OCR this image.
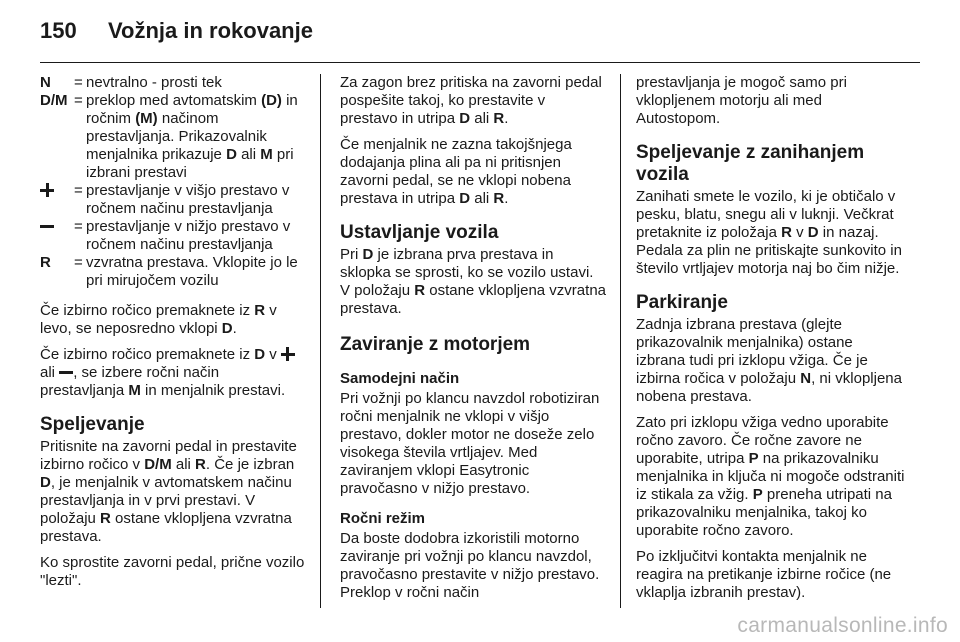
150 Vožnja in rokovanje
N	= nevtralno - prosti tek
D/M = preklop med avtomatskim (D) in ročnim (M) načinom prestavljanja. Prikazovalnik menjalnika prikazuje D ali M pri izbrani prestavi
= prestavljanje v višjo prestavo v ročnem načinu prestavljanja
= prestavljanje v nižjo prestavo v ročnem načinu prestavljanja
R	= vzvratna prestava. Vklopite jo le pri mirujočem vozilu

Če izbirno ročico premaknete iz R v levo, se neposredno vklopi D.

Če izbirno ročico premaknete iz D v  ali , se izbere ročni način prestavljanja M in menjalnik prestavi.

Speljevanje

Pritisnite na zavorni pedal in prestavite izbirno ročico v D/M ali R. Če je izbran D, je menjalnik v avtomatskem načinu prestavljanja in v prvi prestavi. V položaju R ostane vklopljena vzvratna prestava.

Ko sprostite zavorni pedal, prične vozilo "lezti".

Za zagon brez pritiska na zavorni pedal pospešite takoj, ko prestavite v prestavo in utripa D ali R.

Če menjalnik ne zazna takojšnjega dodajanja plina ali pa ni pritisnjen zavorni pedal, se ne vklopi nobena prestava in utripa D ali R.

Ustavljanje vozila

Pri D je izbrana prva prestava in sklopka se sprosti, ko se vozilo ustavi. V položaju R ostane vklopljena vzvratna prestava.

Zaviranje z motorjem
Samodejni način

Pri vožnji po klancu navzdol robotiziran ročni menjalnik ne vklopi v višjo prestavo, dokler motor ne doseže zelo visokega števila vrtljajev. Med zaviranjem vklopi Easytronic pravočasno v nižjo prestavo.

Ročni režim

Da boste dodobra izkoristili motorno zaviranje pri vožnji po klancu navzdol, pravočasno prestavite v nižjo prestavo. Preklop v ročni način

prestavljanja je mogoč samo pri vklopljenem motorju ali med Autostopom.

Speljevanje z zanihanjem vozila

Zanihati smete le vozilo, ki je obtičalo v pesku, blatu, snegu ali v luknji. Večkrat pretaknite iz položaja R v D in nazaj. Pedala za plin ne pritiskajte sunkovito in število vrtljajev motorja naj bo čim nižje.

Parkiranje

Zadnja izbrana prestava (glejte prikazovalnik menjalnika) ostane izbrana tudi pri izklopu vžiga. Če je izbirna ročica v položaju N, ni vklopljena nobena prestava.

Zato pri izklopu vžiga vedno uporabite ročno zavoro. Če ročne zavore ne uporabite, utripa P na prikazovalniku menjalnika in ključa ni mogoče odstraniti iz stikala za vžig. P preneha utripati na prikazovalniku menjalnika, takoj ko uporabite ročno zavoro.

Po izključitvi kontakta menjalnik ne reagira na pretikanje izbirne ročice (ne vklaplja izbranih prestav).

carmanualsonline.info
